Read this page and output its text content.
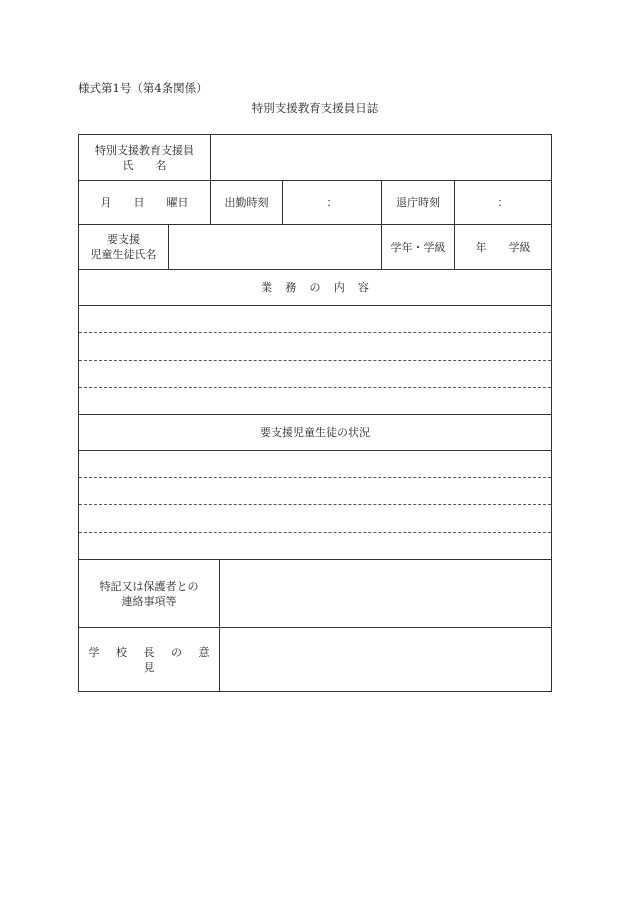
様式第1号（第4条関係）
特別支援教育支援員日誌
特別支援教育支援員
氏　　名
月　　日　　曜日	出勤時刻	：	退庁時刻	：
要支援
児童生徒氏名
学年・学級	年　　学級
業務の内容
要支援児童生徒の状況
特記又は保護者との
連絡事項等
学校長の意見
